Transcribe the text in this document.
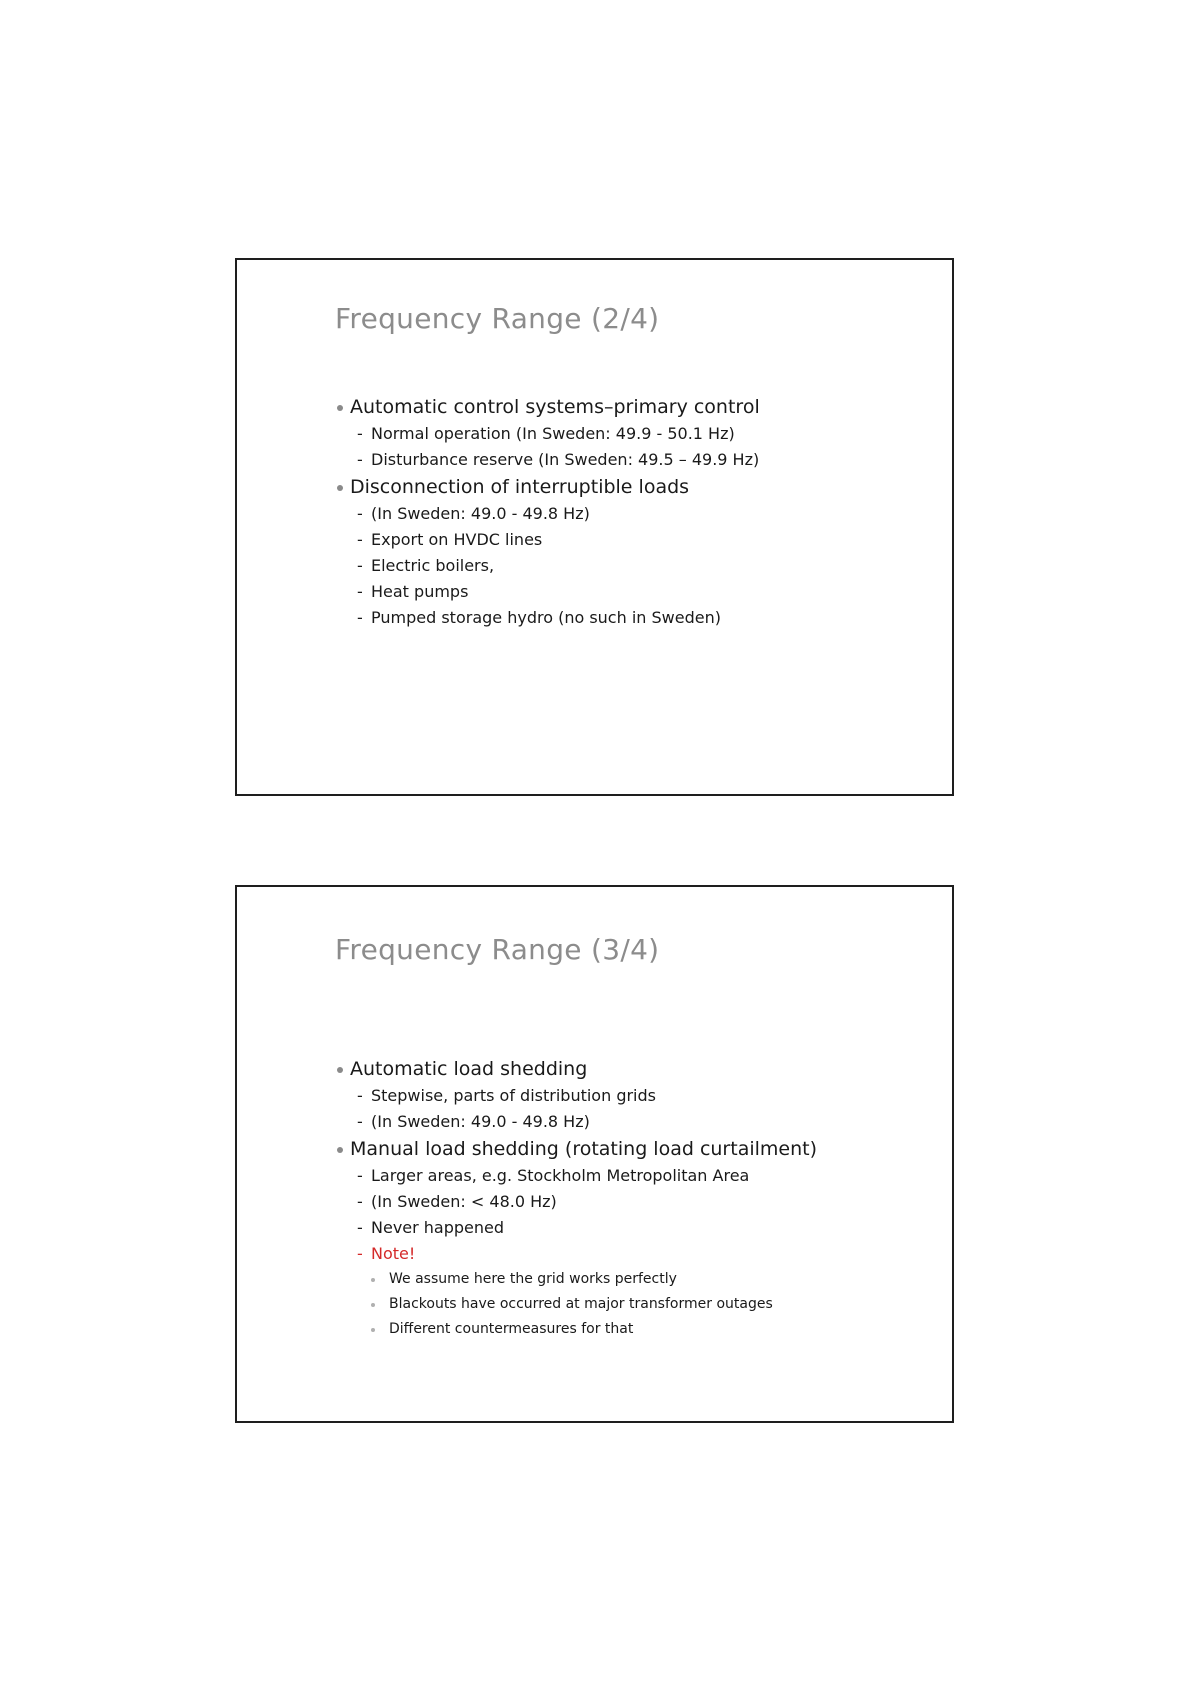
Frequency Range (2/4)
Automatic control systems–primary control
- Normal operation (In Sweden: 49.9 - 50.1 Hz)
- Disturbance reserve (In Sweden: 49.5 – 49.9 Hz)
Disconnection of interruptible loads
- (In Sweden: 49.0 - 49.8 Hz)
- Export on HVDC lines
- Electric boilers,
- Heat pumps
- Pumped storage hydro (no such in Sweden)
Frequency Range (3/4)
Automatic load shedding
- Stepwise, parts of distribution grids
- (In Sweden: 49.0 - 49.8 Hz)
Manual load shedding (rotating load curtailment)
- Larger areas, e.g. Stockholm Metropolitan Area
- (In Sweden: < 48.0 Hz)
- Never happened
- Note!
We assume here the grid works perfectly
Blackouts have occurred at major transformer outages
Different countermeasures for that
